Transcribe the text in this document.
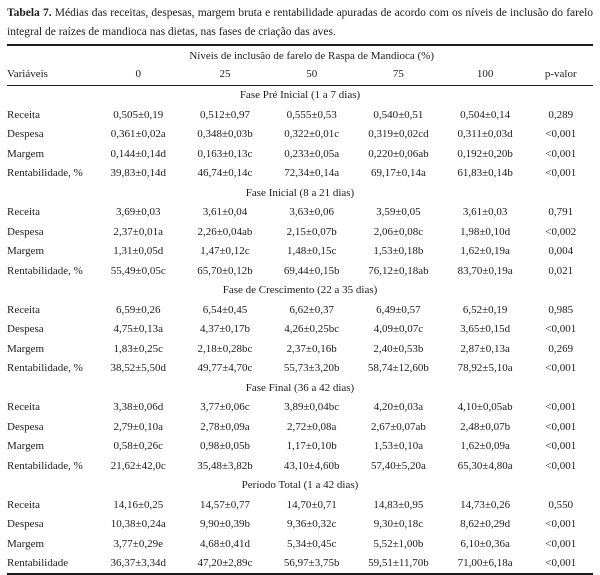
Tabela 7. Médias das receitas, despesas, margem bruta e rentabilidade apuradas de acordo com os níveis de inclusão do farelo integral de raízes de mandioca nas dietas, nas fases de criação das aves.

	Níveis de inclusão de farelo de Raspa de Mandioca (%)					
Variáveis	0	25	50	75	100	p-valor
Fase Pré Inicial (1 a 7 dias)						
Receita	0,505±0,19	0,512±0,97	0,555±0,53	0,540±0,51	0,504±0,14	0,289
Despesa	0,361±0,02a	0,348±0,03b	0,322±0,01c	0,319±0,02cd	0,311±0,03d	<0,001
Margem	0,144±0,14d	0,163±0,13c	0,233±0,05a	0,220±0,06ab	0,192±0,20b	<0,001
Rentabilidade, %	39,83±0,14d	46,74±0,14c	72,34±0,14a	69,17±0,14a	61,83±0,14b	<0,001
Fase Inicial (8 a 21 dias)						
Receita	3,69±0,03	3,61±0,04	3,63±0,06	3,59±0,05	3,61±0,03	0,791
Despesa	2,37±0,01a	2,26±0,04ab	2,15±0,07b	2,06±0,08c	1,98±0,10d	<0,002
Margem	1,31±0,05d	1,47±0,12c	1,48±0,15c	1,53±0,18b	1,62±0,19a	0,004
Rentabilidade, %	55,49±0,05c	65,70±0,12b	69,44±0,15b	76,12±0,18ab	83,70±0,19a	0,021
Fase de Crescimento (22 a 35 dias)						
Receita	6,59±0,26	6,54±0,45	6,62±0,37	6,49±0,57	6,52±0,19	0,985
Despesa	4,75±0,13a	4,37±0,17b	4,26±0,25bc	4,09±0,07c	3,65±0,15d	<0,001
Margem	1,83±0,25c	2,18±0,28bc	2,37±0,16b	2,40±0,53b	2,87±0,13a	0,269
Rentabilidade, %	38,52±5,50d	49,77±4,70c	55,73±3,20b	58,74±12,60b	78,92±5,10a	<0,001
Fase Final (36 a 42 dias)						
Receita	3,38±0,06d	3,77±0,06c	3,89±0,04bc	4,20±0,03a	4,10±0,05ab	<0,001
Despesa	2,79±0,10a	2,78±0,09a	2,72±0,08a	2,67±0,07ab	2,48±0,07b	<0,001
Margem	0,58±0,26c	0,98±0,05b	1,17±0,10b	1,53±0,10a	1,62±0,09a	<0,001
Rentabilidade, %	21,62±42,0c	35,48±3,82b	43,10±4,60b	57,40±5,20a	65,30±4,80a	<0,001
Período Total (1 a 42 dias)						
Receita	14,16±0,25	14,57±0,77	14,70±0,71	14,83±0,95	14,73±0,26	0,550
Despesa	10,38±0,24a	9,90±0,39b	9,36±0,32c	9,30±0,18c	8,62±0,29d	<0,001
Margem	3,77±0,29e	4,68±0,41d	5,34±0,45c	5,52±1,00b	6,10±0,36a	<0,001
Rentabilidade	36,37±3,34d	47,20±2,89c	56,97±3,75b	59,51±11,70b	71,00±6,18a	<0,001
